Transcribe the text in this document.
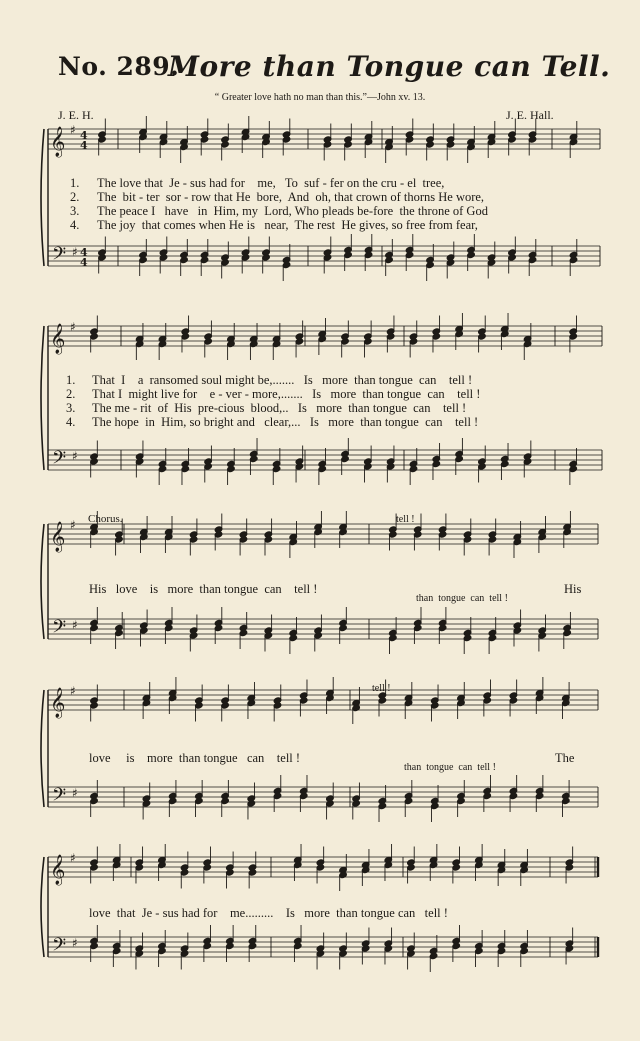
No. 289.
More than Tongue can Tell.
“ Greater love hath no man than this.”—John xv. 13.
J. E. H.	J. E. Hall.
𝄞
𝄢
♯
♯
4
4
4
4
𝄞
𝄢
♯
♯
𝄞
𝄢
♯
♯
𝄞
𝄢
♯
♯
𝄞
𝄢
♯
♯
1. The love that  Je - sus had for    me,   To  suf - fer on the cru - el  tree,
2. The  bit - ter  sor - row that He  bore,  And  oh, that crown of thorns He wore,
3. The peace I   have   in  Him, my  Lord, Who pleads be-fore  the throne of God
4. The joy  that comes when He is   near,  The rest  He gives, so free from fear,
1. That  I    a  ransomed soul might be,.......   Is   more  than tongue  can    tell !
2. That I  might live for    e - ver - more,.......   Is   more  than tongue  can    tell !
3. The me - rit  of  His  pre-cious  blood,..   Is   more  than tongue  can    tell !
4. The hope  in  Him, so bright and   clear,...   Is   more  than tongue  can    tell !
Chorus.	tell !
His   love    is   more  than tongue  can    tell !
than  tongue  can  tell !
His
tell !
love     is    more  than tongue   can    tell !
than  tongue  can  tell !
The
love  that  Je - sus had for    me.........    Is   more  than tongue can   tell !
